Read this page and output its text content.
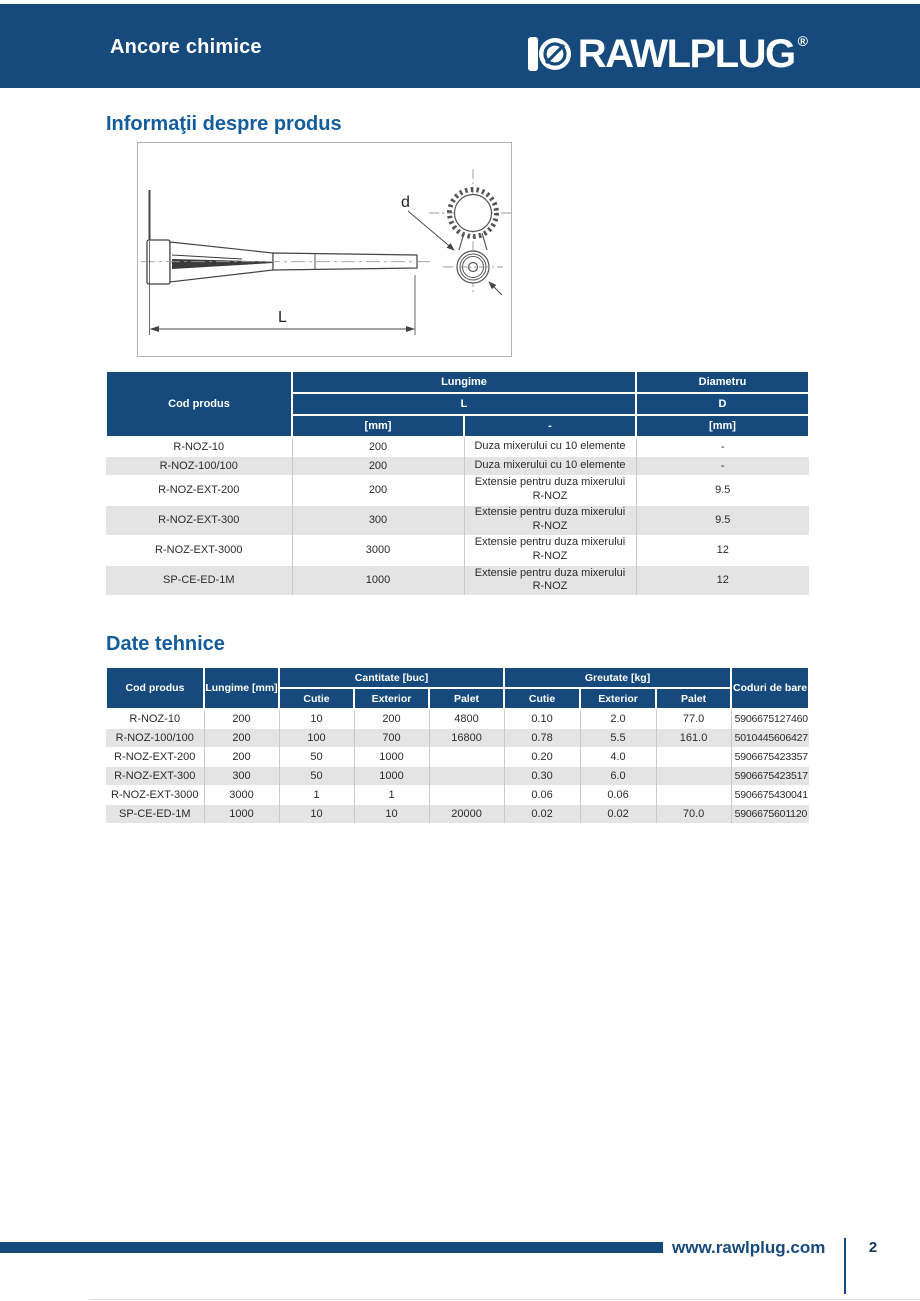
Ancore chimice	RAWLPLUG ®
Informaţii despre produs
L
d
Cod produs	Lungime		Diametru
	L		D
	[mm]	-	[mm]
R-NOZ-10	200	Duza mixerului cu 10 elemente	-
R-NOZ-100/100	200	Duza mixerului cu 10 elemente	-
R-NOZ-EXT-200	200	Extensie pentru duza mixerului R-NOZ	9.5
R-NOZ-EXT-300	300	Extensie pentru duza mixerului R-NOZ	9.5
R-NOZ-EXT-3000	3000	Extensie pentru duza mixerului R-NOZ	12
SP-CE-ED-1M	1000	Extensie pentru duza mixerului R-NOZ	12
Date tehnice
Cod produs	Lungime [mm]	Cantitate [buc]			Greutate [kg]			Coduri de bare
		Cutie	Exterior	Palet	Cutie	Exterior	Palet	
R-NOZ-10	200	10	200	4800	0.10	2.0	77.0	5906675127460
R-NOZ-100/100	200	100	700	16800	0.78	5.5	161.0	5010445606427
R-NOZ-EXT-200	200	50	1000		0.20	4.0		5906675423357
R-NOZ-EXT-300	300	50	1000		0.30	6.0		5906675423517
R-NOZ-EXT-3000	3000	1	1		0.06	0.06		5906675430041
SP-CE-ED-1M	1000	10	10	20000	0.02	0.02	70.0	5906675601120
www.rawlplug.com	2
